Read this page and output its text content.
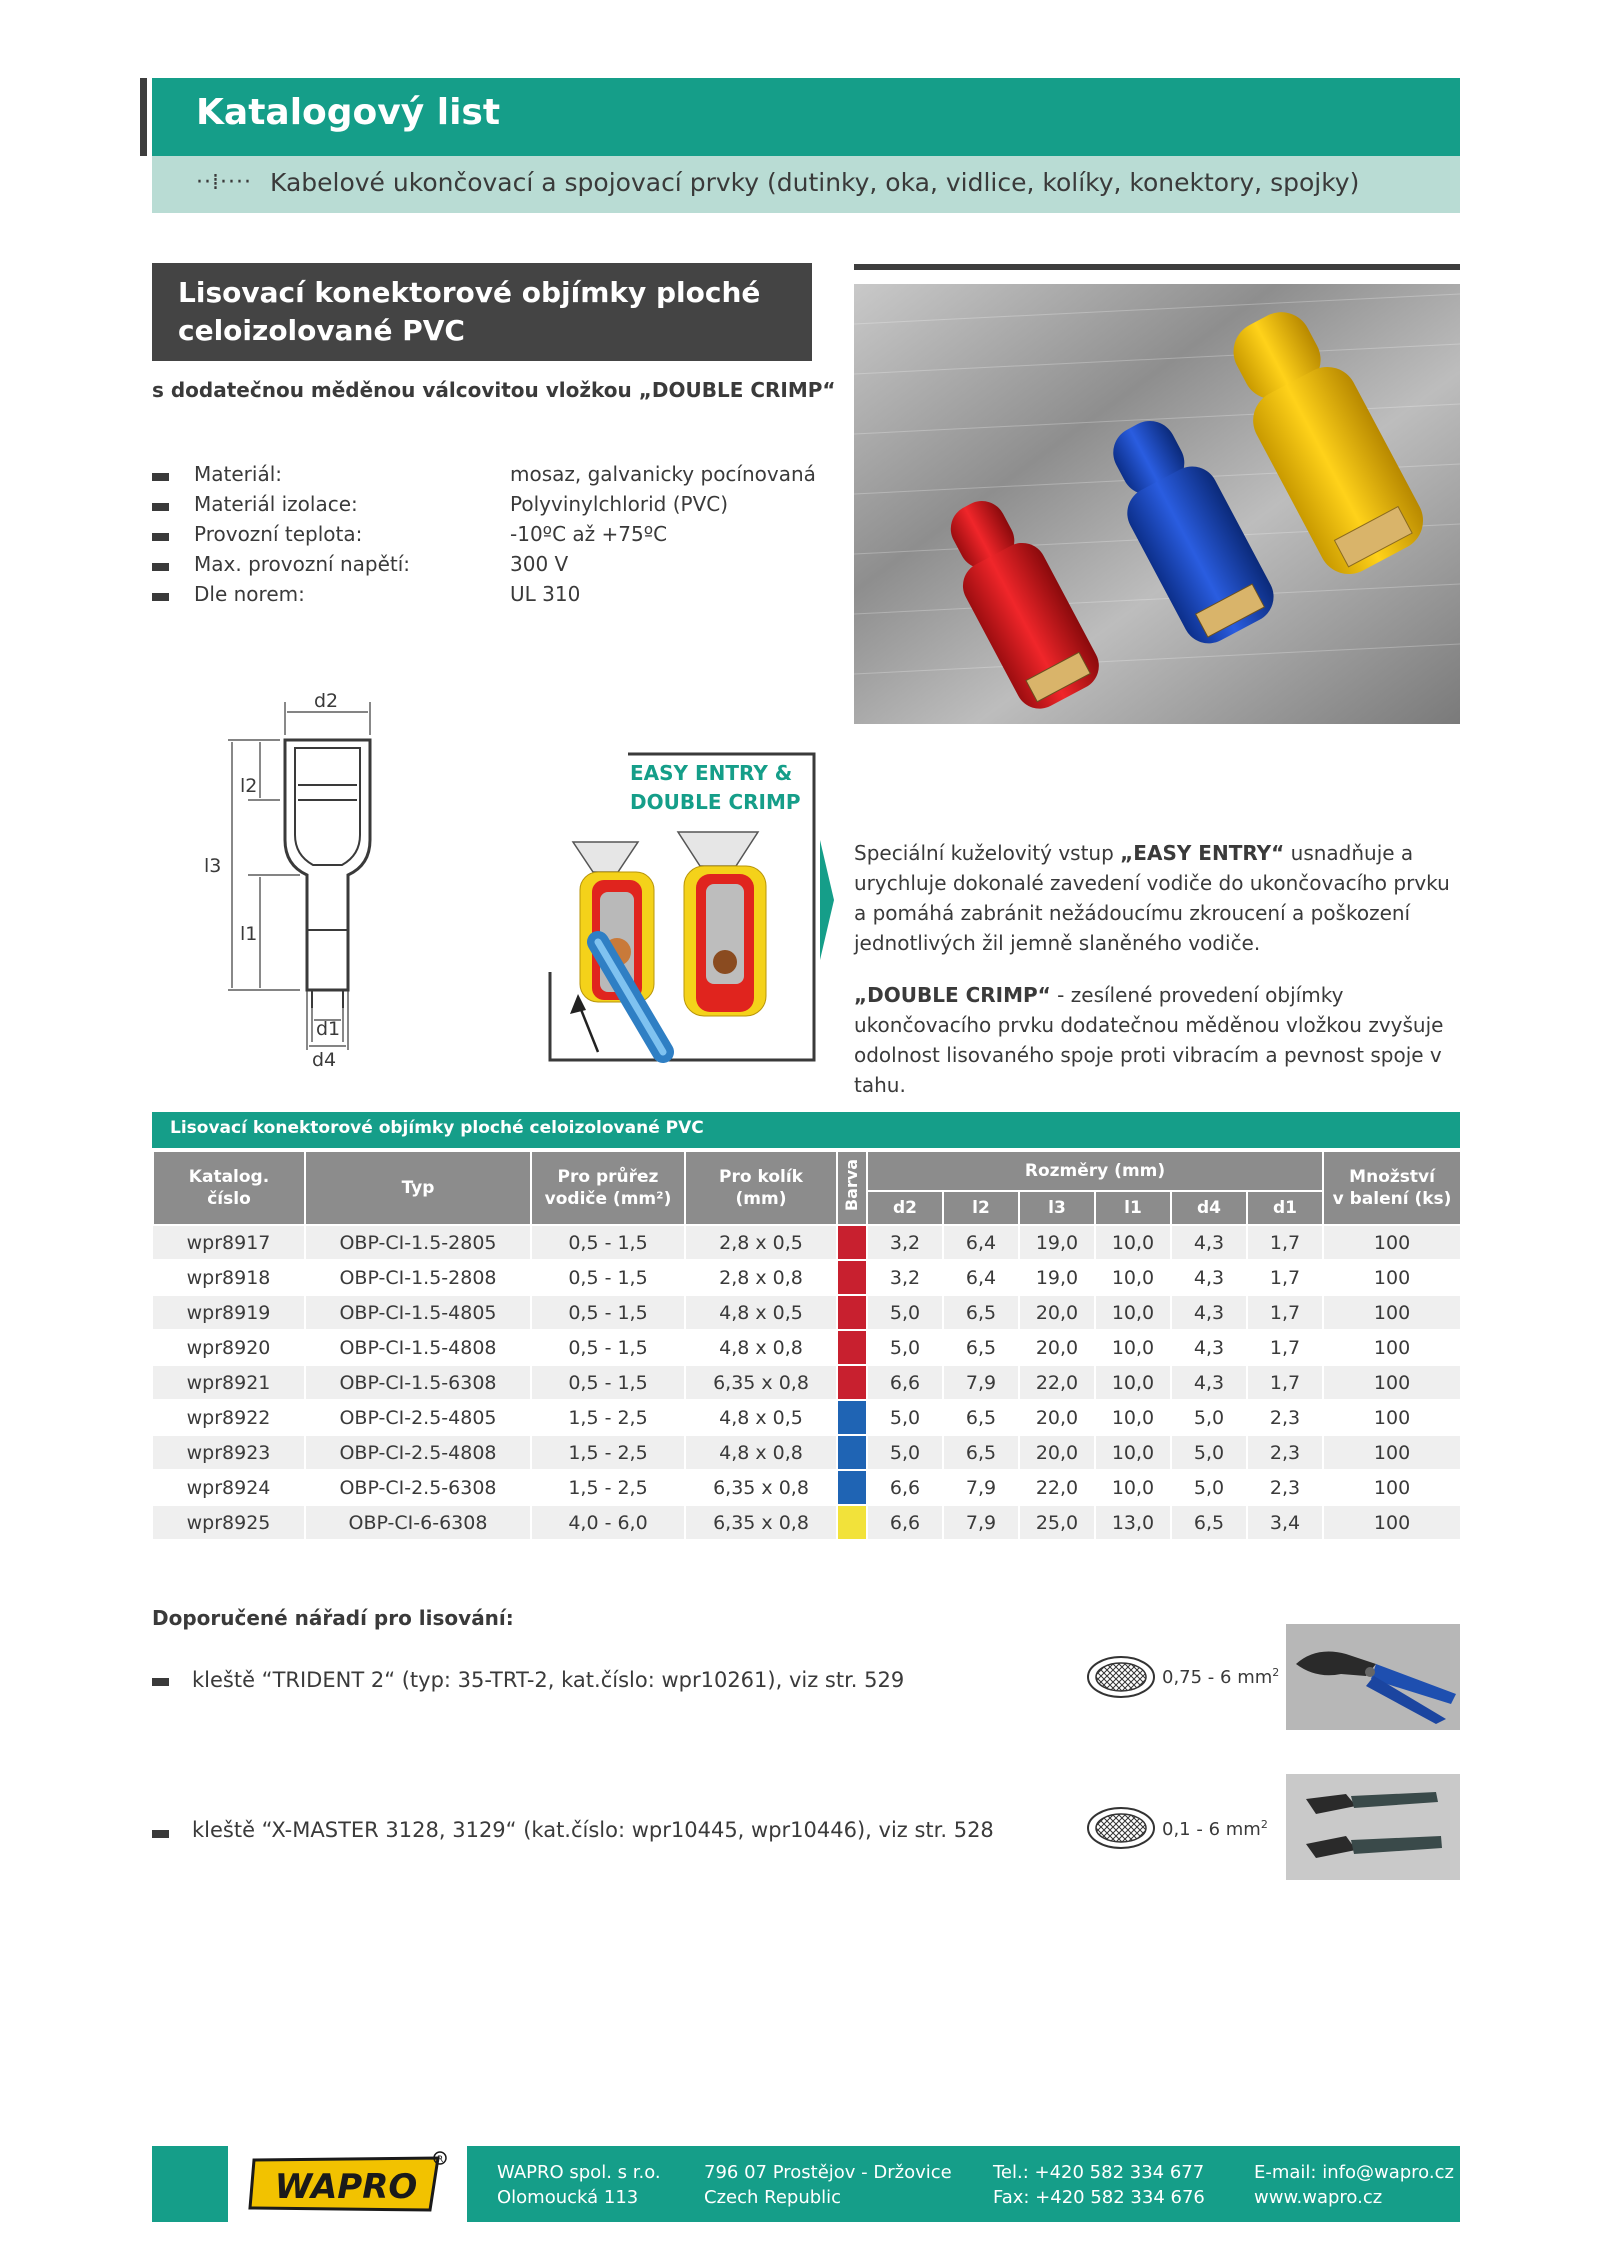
Katalogový list
··⁞···· Kabelové ukončovací a spojovací prvky (dutinky, oka, vidlice, kolíky, konektory, spojky)
Lisovací konektorové objímky ploché
celoizolované PVC
s dodatečnou měděnou válcovitou vložkou „DOUBLE CRIMP“
Materiál:	mosaz, galvanicky pocínovaná
Materiál izolace:	Polyvinylchlorid (PVC)
Provozní teplota:	-10ºC až +75ºC
Max. provozní napětí:	300 V
Dle norem:	UL 310
d2
l2
l3
l1
d1
d4
EASY ENTRY &
DOUBLE CRIMP
Speciální kuželovitý vstup „EASY ENTRY“ usnadňuje a urychluje dokonalé zavedení vodiče do ukončovacího prvku a pomáhá zabránit nežádoucímu zkroucení a poškození jednotlivých žil jemně slaněného vodiče.
„DOUBLE CRIMP“ - zesílené provedení objímky ukončovacího prvku dodatečnou měděnou vložkou zvyšuje odolnost lisovaného spoje proti vibracím a pevnost spoje v tahu.
Lisovací konektorové objímky ploché celoizolované PVC
Katalog.
číslo	Typ	Pro průřez
vodiče (mm²)	Pro kolík
(mm)	Barva	Rozměry (mm)						Množství
v balení (ks)
					d2	l2	l3	l1	d4	d1	
wpr8917	OBP-CI-1.5-2805	0,5 - 1,5	2,8 x 0,5		3,2	6,4	19,0	10,0	4,3	1,7	100
wpr8918	OBP-CI-1.5-2808	0,5 - 1,5	2,8 x 0,8		3,2	6,4	19,0	10,0	4,3	1,7	100
wpr8919	OBP-CI-1.5-4805	0,5 - 1,5	4,8 x 0,5		5,0	6,5	20,0	10,0	4,3	1,7	100
wpr8920	OBP-CI-1.5-4808	0,5 - 1,5	4,8 x 0,8		5,0	6,5	20,0	10,0	4,3	1,7	100
wpr8921	OBP-CI-1.5-6308	0,5 - 1,5	6,35 x 0,8		6,6	7,9	22,0	10,0	4,3	1,7	100
wpr8922	OBP-CI-2.5-4805	1,5 - 2,5	4,8 x 0,5		5,0	6,5	20,0	10,0	5,0	2,3	100
wpr8923	OBP-CI-2.5-4808	1,5 - 2,5	4,8 x 0,8		5,0	6,5	20,0	10,0	5,0	2,3	100
wpr8924	OBP-CI-2.5-6308	1,5 - 2,5	6,35 x 0,8		6,6	7,9	22,0	10,0	5,0	2,3	100
wpr8925	OBP-CI-6-6308	4,0 - 6,0	6,35 x 0,8		6,6	7,9	25,0	13,0	6,5	3,4	100
Doporučené nářadí pro lisování:
kleště “TRIDENT 2“ (typ: 35-TRT-2, kat.číslo: wpr10261), viz str. 529	0,75 - 6 $mm^2$
kleště “X-MASTER 3128, 3129“ (kat.číslo: wpr10445, wpr10446), viz str. 528	0,1 - 6 $mm^2$
WAPRO
R
WAPRO spol. s r.o.
Olomoucká 113
796 07 Prostějov - Držovice
Czech Republic
Tel.: +420 582 334 677
Fax: +420 582 334 676
E-mail: info@wapro.cz
www.wapro.cz
